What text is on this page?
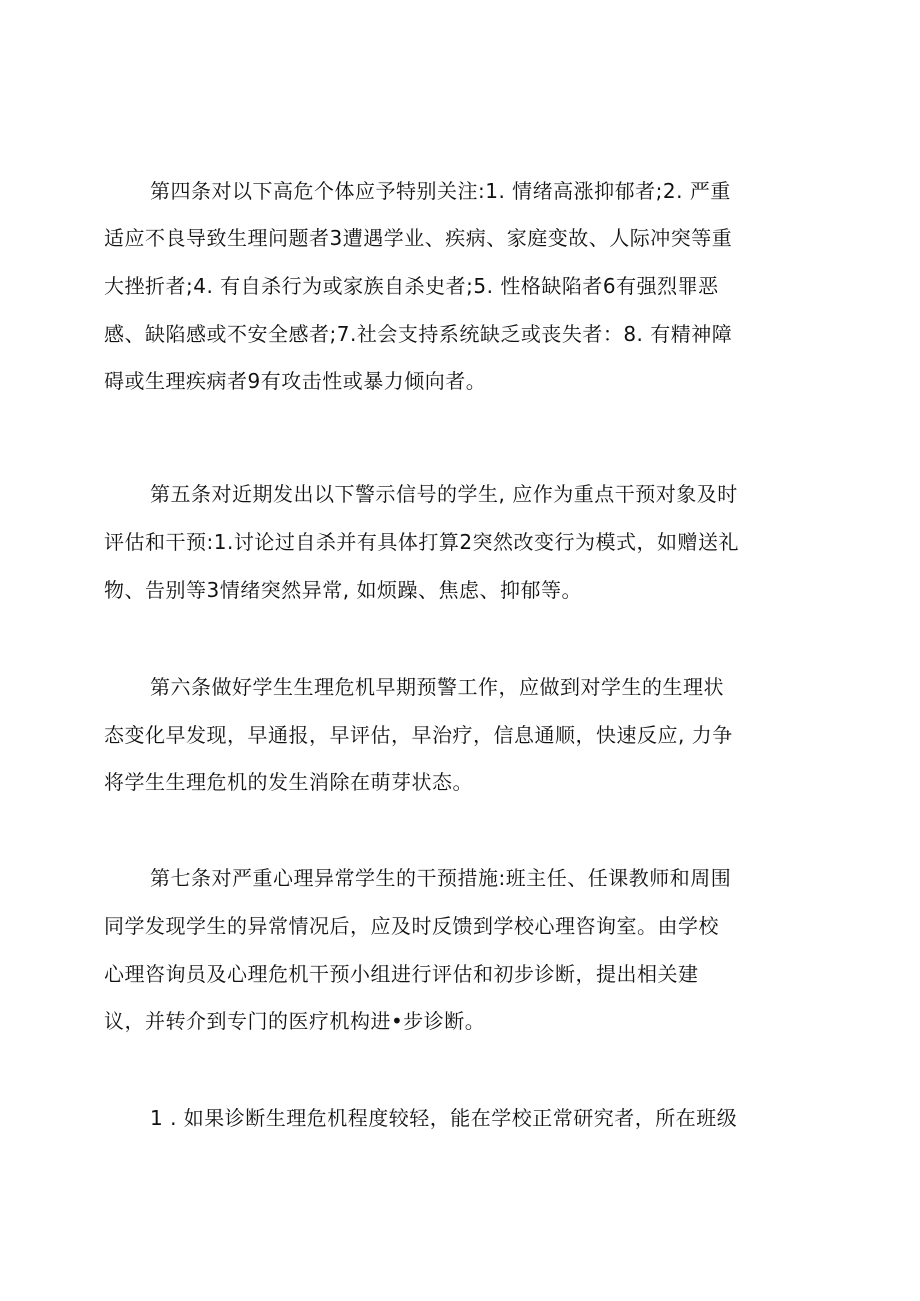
第四条对以下高危个体应予特别关注:1. 情绪高涨抑郁者;2. 严重
适应不良导致生理问题者3遭遇学业、疾病、家庭变故、人际冲突等重
大挫折者;4. 有自杀行为或家族自杀史者;5. 性格缺陷者6有强烈罪恶
感、缺陷感或不安全感者;7.社会支持系统缺乏或丧失者：8. 有精神障
碍或生理疾病者9有攻击性或暴力倾向者。
第五条对近期发出以下警示信号的学生, 应作为重点干预对象及时
评估和干预:1.讨论过自杀并有具体打算2突然改变行为模式，如赠送礼
物、告别等3情绪突然异常, 如烦躁、焦虑、抑郁等。
第六条做好学生生理危机早期预警工作，应做到对学生的生理状
态变化早发现，早通报，早评估，早治疗，信息通顺，快速反应, 力争
将学生生理危机的发生消除在萌芽状态。
第七条对严重心理异常学生的干预措施:班主任、任课教师和周围
同学发现学生的异常情况后，应及时反馈到学校心理咨询室。由学校
心理咨询员及心理危机干预小组进行评估和初步诊断，提出相关建
议，并转介到专门的医疗机构进•步诊断。
1 . 如果诊断生理危机程度较轻，能在学校正常研究者，所在班级
